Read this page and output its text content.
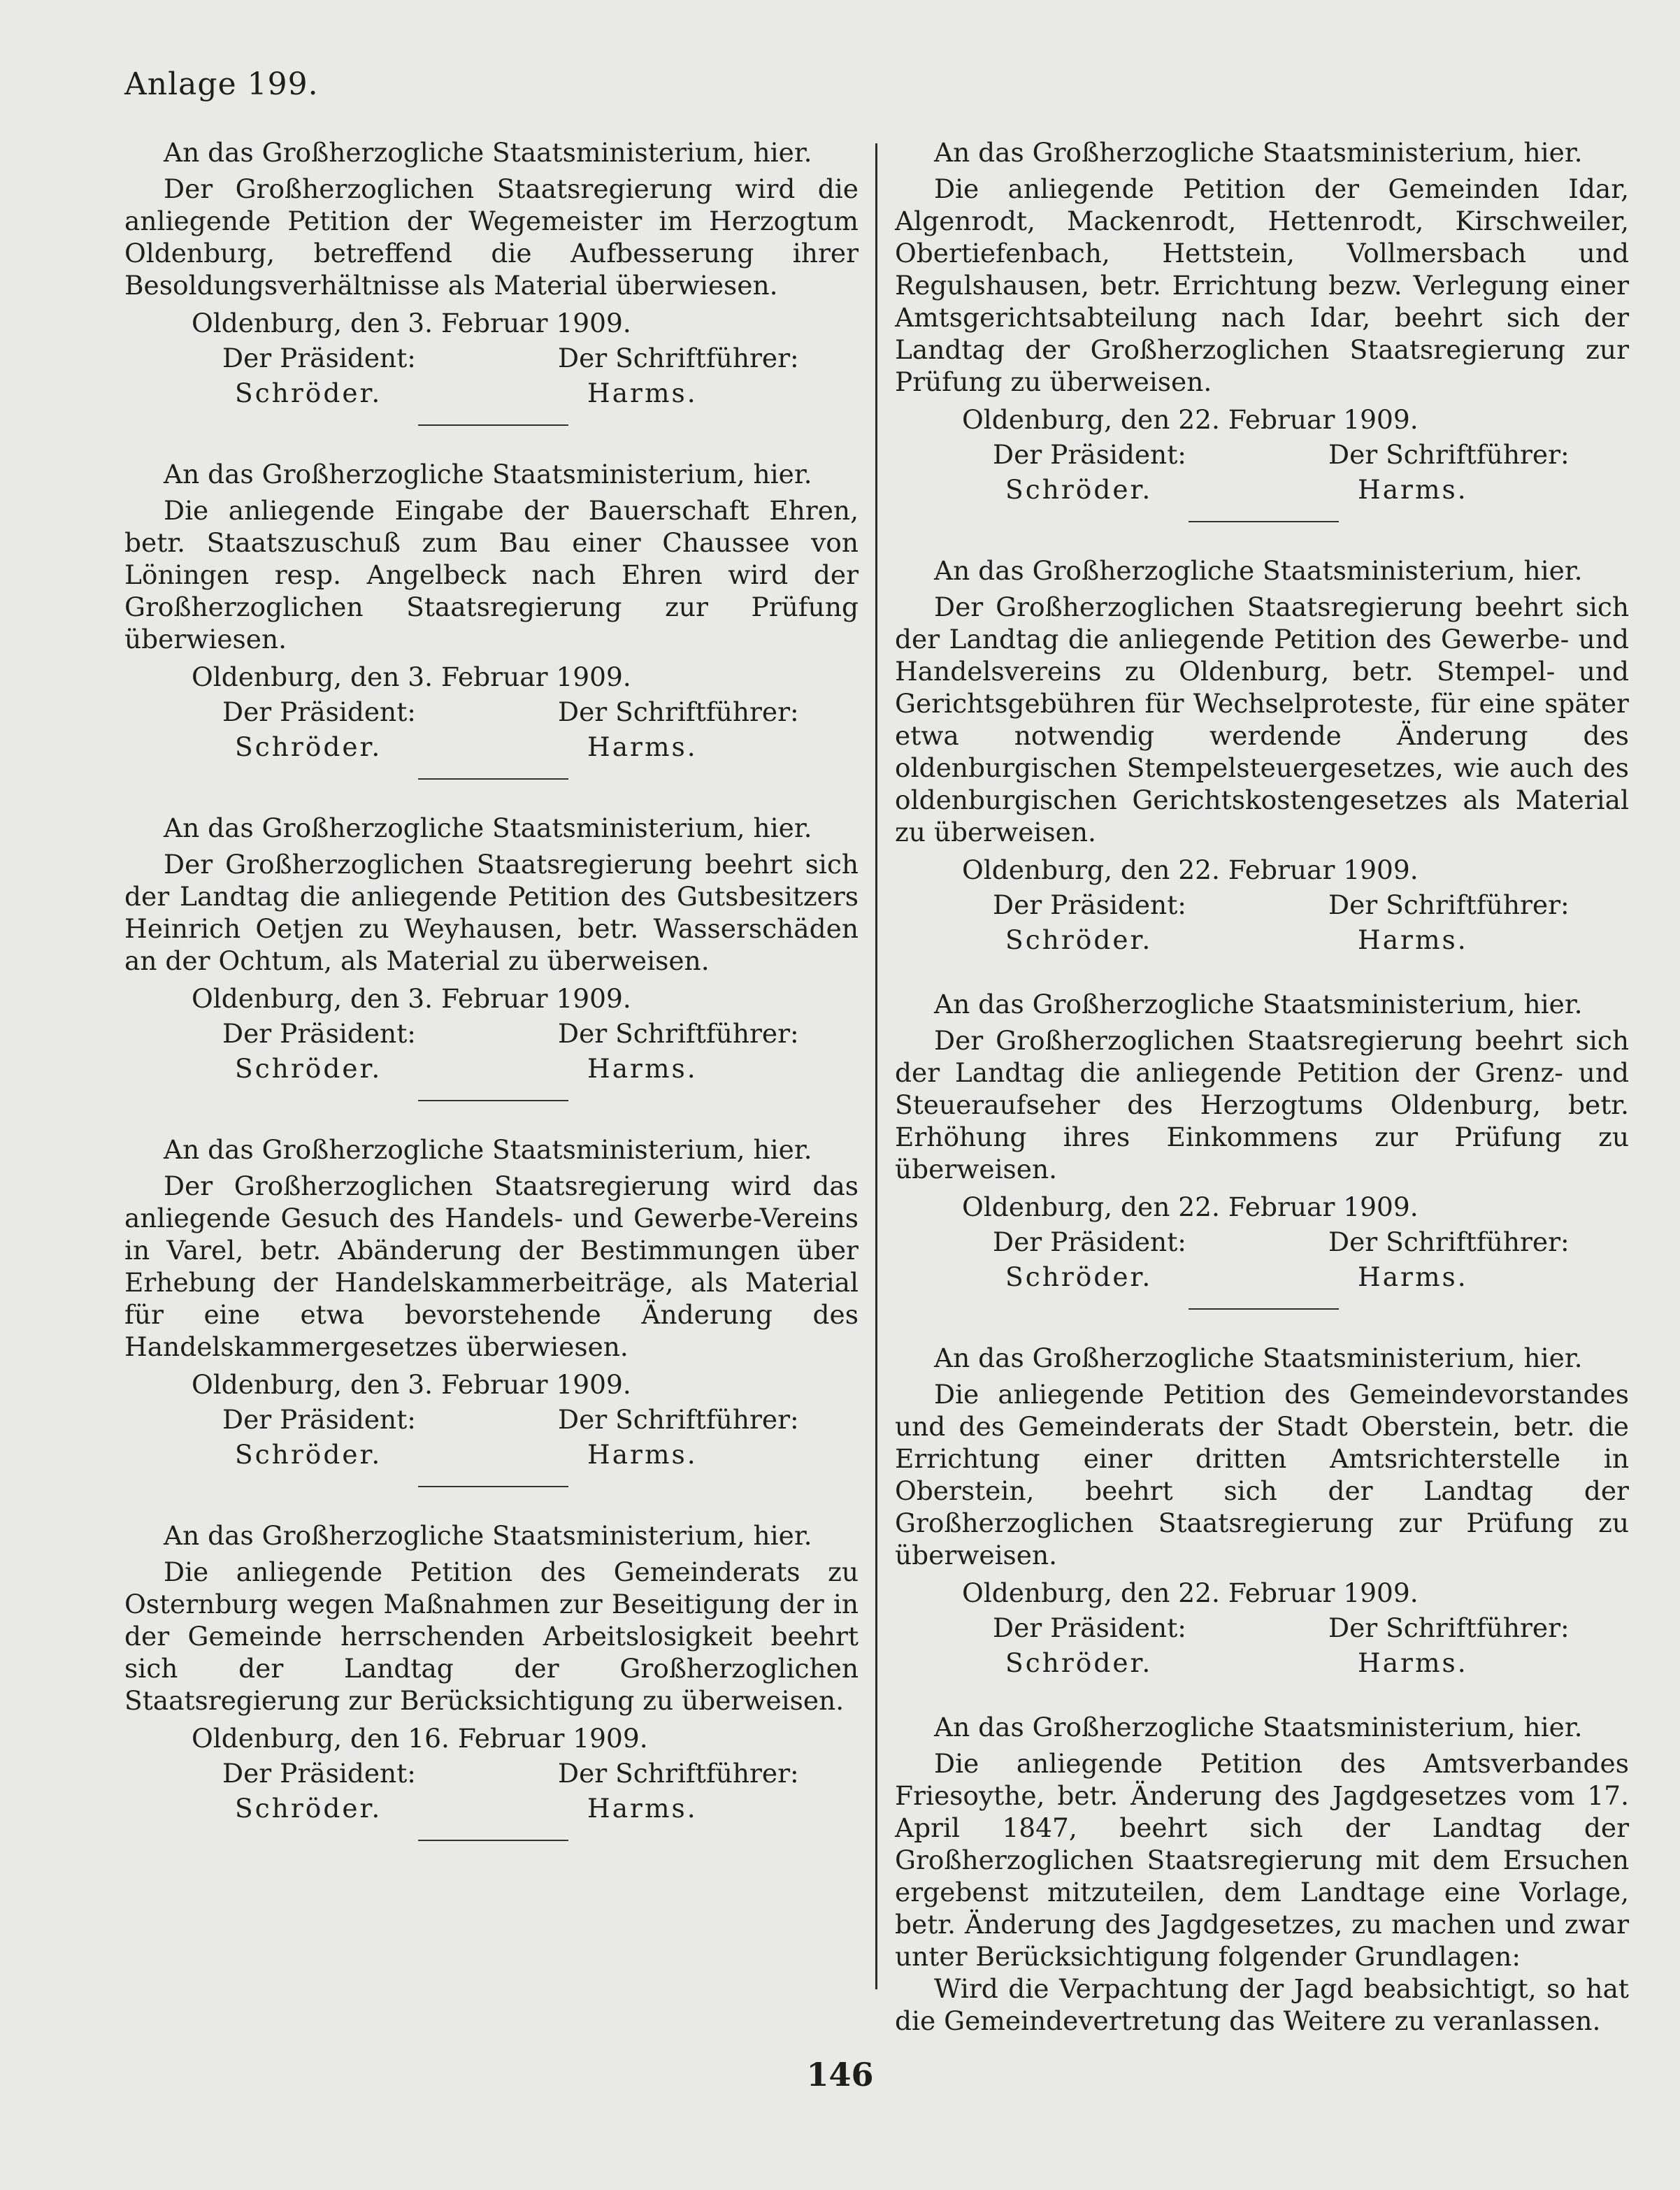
Anlage 199.
An das Großherzogliche Staatsministerium, hier.
Der Großherzoglichen Staatsregierung wird die anliegende Petition der Wegemeister im Herzogtum Oldenburg, betreffend die Aufbesserung ihrer Besoldungsverhältnisse als Material überwiesen.
Oldenburg, den 3. Februar 1909.
Der Präsident:	Der Schriftführer:
Schröder.	Harms.
An das Großherzogliche Staatsministerium, hier.
Die anliegende Eingabe der Bauerschaft Ehren, betr. Staatszuschuß zum Bau einer Chaussee von Löningen resp. Angelbeck nach Ehren wird der Großherzoglichen Staatsregierung zur Prüfung überwiesen.
Oldenburg, den 3. Februar 1909.
Der Präsident:	Der Schriftführer:
Schröder.	Harms.
An das Großherzogliche Staatsministerium, hier.
Der Großherzoglichen Staatsregierung beehrt sich der Landtag die anliegende Petition des Gutsbesitzers Heinrich Oetjen zu Weyhausen, betr. Wasserschäden an der Ochtum, als Material zu überweisen.
Oldenburg, den 3. Februar 1909.
Der Präsident:	Der Schriftführer:
Schröder.	Harms.
An das Großherzogliche Staatsministerium, hier.
Der Großherzoglichen Staatsregierung wird das anliegende Gesuch des Handels- und Gewerbe-Vereins in Varel, betr. Abänderung der Bestimmungen über Erhebung der Handelskammerbeiträge, als Material für eine etwa bevorstehende Änderung des Handelskammergesetzes überwiesen.
Oldenburg, den 3. Februar 1909.
Der Präsident:	Der Schriftführer:
Schröder.	Harms.
An das Großherzogliche Staatsministerium, hier.
Die anliegende Petition des Gemeinderats zu Osternburg wegen Maßnahmen zur Beseitigung der in der Gemeinde herrschenden Arbeitslosigkeit beehrt sich der Landtag der Großherzoglichen Staatsregierung zur Berücksichtigung zu überweisen.
Oldenburg, den 16. Februar 1909.
Der Präsident:	Der Schriftführer:
Schröder.	Harms.
An das Großherzogliche Staatsministerium, hier.
Die anliegende Petition der Gemeinden Idar, Algenrodt, Mackenrodt, Hettenrodt, Kirschweiler, Obertiefenbach, Hettstein, Vollmersbach und Regulshausen, betr. Errichtung bezw. Verlegung einer Amtsgerichtsabteilung nach Idar, beehrt sich der Landtag der Großherzoglichen Staatsregierung zur Prüfung zu überweisen.
Oldenburg, den 22. Februar 1909.
Der Präsident:	Der Schriftführer:
Schröder.	Harms.
An das Großherzogliche Staatsministerium, hier.
Der Großherzoglichen Staatsregierung beehrt sich der Landtag die anliegende Petition des Gewerbe- und Handelsvereins zu Oldenburg, betr. Stempel- und Gerichtsgebühren für Wechselproteste, für eine später etwa notwendig werdende Änderung des oldenburgischen Stempelsteuergesetzes, wie auch des oldenburgischen Gerichtskostengesetzes als Material zu überweisen.
Oldenburg, den 22. Februar 1909.
Der Präsident:	Der Schriftführer:
Schröder.	Harms.
An das Großherzogliche Staatsministerium, hier.
Der Großherzoglichen Staatsregierung beehrt sich der Landtag die anliegende Petition der Grenz- und Steueraufseher des Herzogtums Oldenburg, betr. Erhöhung ihres Einkommens zur Prüfung zu überweisen.
Oldenburg, den 22. Februar 1909.
Der Präsident:	Der Schriftführer:
Schröder.	Harms.
An das Großherzogliche Staatsministerium, hier.
Die anliegende Petition des Gemeindevorstandes und des Gemeinderats der Stadt Oberstein, betr. die Errichtung einer dritten Amtsrichterstelle in Oberstein, beehrt sich der Landtag der Großherzoglichen Staatsregierung zur Prüfung zu überweisen.
Oldenburg, den 22. Februar 1909.
Der Präsident:	Der Schriftführer:
Schröder.	Harms.
An das Großherzogliche Staatsministerium, hier.
Die anliegende Petition des Amtsverbandes Friesoythe, betr. Änderung des Jagdgesetzes vom 17. April 1847, beehrt sich der Landtag der Großherzoglichen Staatsregierung mit dem Ersuchen ergebenst mitzuteilen, dem Landtage eine Vorlage, betr. Änderung des Jagdgesetzes, zu machen und zwar unter Berücksichtigung folgender Grundlagen:
Wird die Verpachtung der Jagd beabsichtigt, so hat die Gemeindevertretung das Weitere zu veranlassen.
146
